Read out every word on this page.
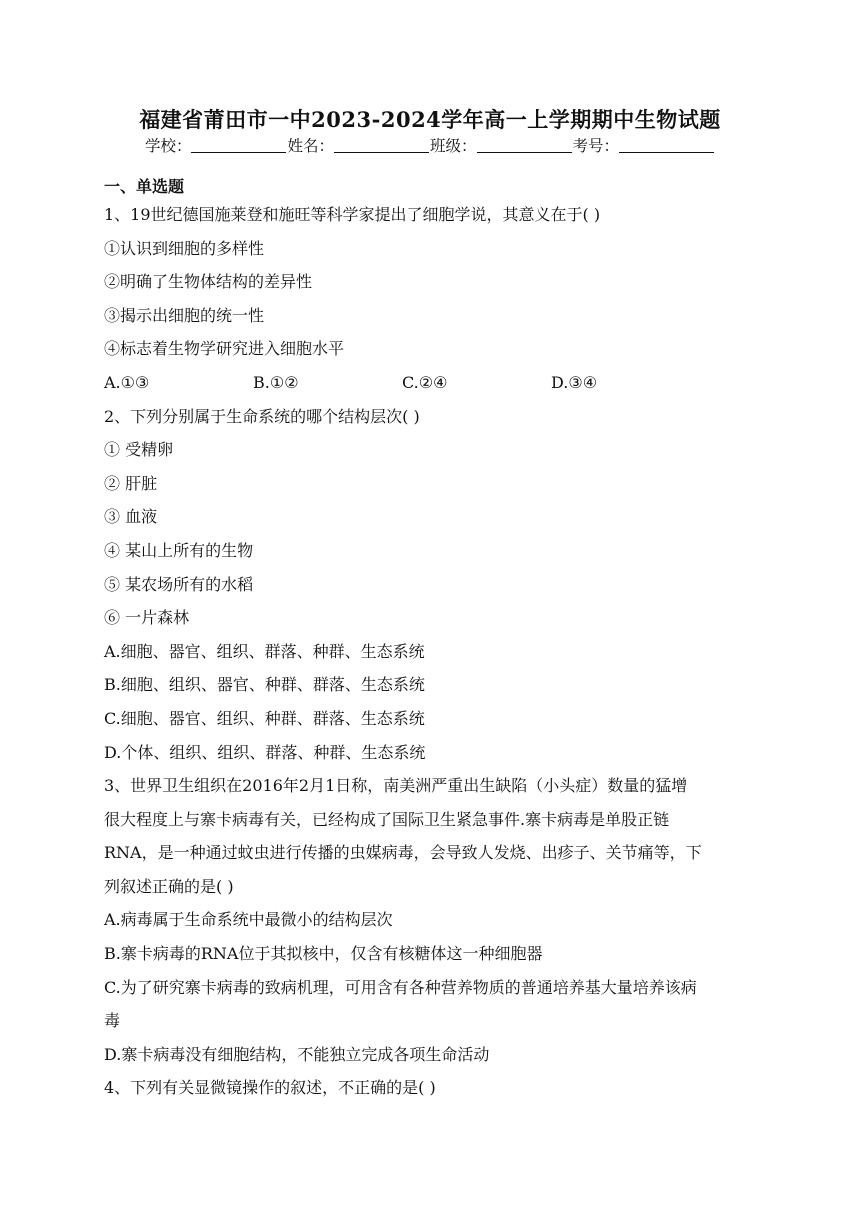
福建省莆田市一中2023-2024学年高一上学期期中生物试题
学校：	姓名：	班级：	考号：
一、单选题
1、19世纪德国施莱登和施旺等科学家提出了细胞学说，其意义在于( )
①认识到细胞的多样性
②明确了生物体结构的差异性
③揭示出细胞的统一性
④标志着生物学研究进入细胞水平
A.①③	B.①②	C.②④	D.③④
2、下列分别属于生命系统的哪个结构层次( )
① 受精卵
② 肝脏
③ 血液
④ 某山上所有的生物
⑤ 某农场所有的水稻
⑥ 一片森林
A.细胞、器官、组织、群落、种群、生态系统
B.细胞、组织、器官、种群、群落、生态系统
C.细胞、器官、组织、种群、群落、生态系统
D.个体、组织、组织、群落、种群、生态系统
3、世界卫生组织在2016年2月1日称，南美洲严重出生缺陷（小头症）数量的猛增
很大程度上与寨卡病毒有关，已经构成了国际卫生紧急事件.寨卡病毒是单股正链
RNA，是一种通过蚊虫进行传播的虫媒病毒，会导致人发烧、出疹子、关节痛等，下
列叙述正确的是( )
A.病毒属于生命系统中最微小的结构层次
B.寨卡病毒的RNA位于其拟核中，仅含有核糖体这一种细胞器
C.为了研究寨卡病毒的致病机理，可用含有各种营养物质的普通培养基大量培养该病
毒
D.寨卡病毒没有细胞结构，不能独立完成各项生命活动
4、下列有关显微镜操作的叙述，不正确的是( )
